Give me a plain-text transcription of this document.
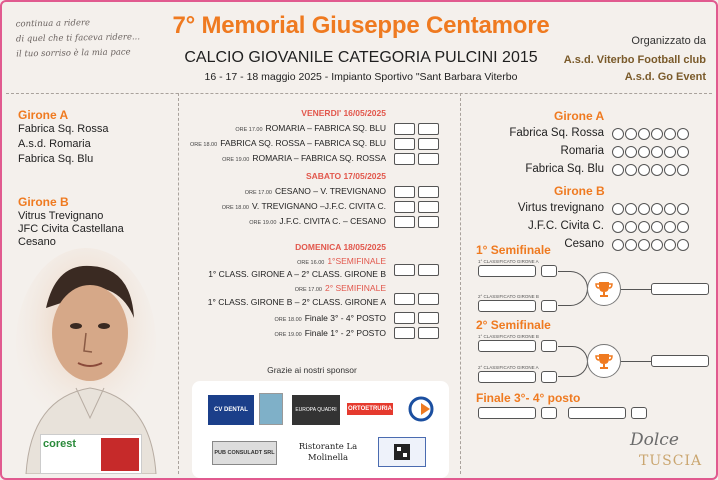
continua a ridere
di quel che ti faceva ridere...
il tuo sorriso è la mia pace
7° Memorial Giuseppe Centamore
CALCIO GIOVANILE CATEGORIA PULCINI 2015
16 - 17 - 18 maggio 2025 - Impianto Sportivo "Sant Barbara Viterbo
Organizzato da
A.s.d. Viterbo Football club
A.s.d. Go Event
Girone A
Fabrica Sq. Rossa
A.s.d. Romaria
Fabrica Sq. Blu
Girone B
Vitrus Trevignano
JFC Civita Castellana
Cesano
corest

VENERDI' 16/05/2025
ORE 17.00 ROMARIA – FABRICA SQ. BLU
ORE 18.00 FABRICA SQ. ROSSA – FABRICA SQ. BLU
ORE 19.00 ROMARIA – FABRICA SQ. ROSSA
SABATO 17/05/2025
ORE 17.00 CESANO – V. TREVIGNANO
ORE 18.00 V. TREVIGNANO –J.F.C. CIVITA C.
ORE 19.00 J.F.C. CIVITA C. – CESANO
DOMENICA 18/05/2025
ORE 16.00 1°SEMIFINALE
1° CLASS. GIRONE A – 2° CLASS. GIRONE B
ORE 17.00 2° SEMIFINALE
1° CLASS. GIRONE B – 2° CLASS. GIRONE A
ORE 18.00 Finale 3° - 4° POSTO
ORE 19.00 Finale 1° - 2° POSTO
Grazie ai nostri sponsor
CV DENTAL	EUROPA QUADRI	ORTOETRURIA
PUB CONSULADT SRL
Ristorante La Molinella
Girone A
Fabrica Sq. Rossa
Romaria
Fabrica Sq. Blu
Girone B
Virtus trevignano
J.F.C. Civita C.
Cesano
1° Semifinale
1° CLASSIFICATO GIRONE A
2° CLASSIFICATO GIRONE B
2° Semifinale
1° CLASSIFICATO GIRONE B
2° CLASSIFICATO GIRONE A
Finale 3°- 4° posto
Dolce
TUSCIA
